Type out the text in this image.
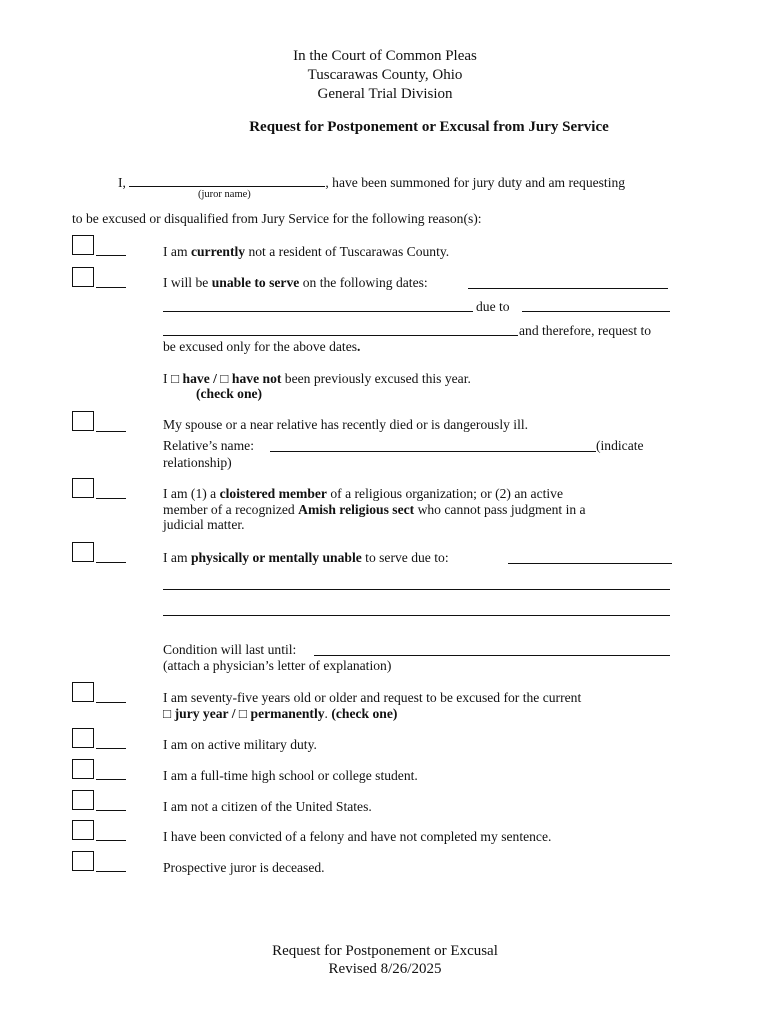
In the Court of Common Pleas
Tuscarawas County, Ohio
General Trial Division
Request for Postponement or Excusal from Jury Service
I,	, have been summoned for jury duty and am requesting
(juror name)
to be excused or disqualified from Jury Service for the following reason(s):
I am currently not a resident of Tuscarawas County.
I will be unable to serve on the following dates:
due to
and therefore, request to
be excused only for the above dates.
I □ have / □ have not been previously excused this year.
(check one)
My spouse or a near relative has recently died or is dangerously ill.
Relative’s name:	(indicate
relationship)
I am (1) a cloistered member of a religious organization; or (2) an active
member of a recognized Amish religious sect who cannot pass judgment in a
judicial matter.
I am physically or mentally unable to serve due to:
Condition will last until:
(attach a physician’s letter of explanation)
I am seventy-five years old or older and request to be excused for the current
□ jury year / □ permanently. (check one)
I am on active military duty.
I am a full-time high school or college student.
I am not a citizen of the United States.
I have been convicted of a felony and have not completed my sentence.
Prospective juror is deceased.
Request for Postponement or Excusal
Revised 8/26/2025
